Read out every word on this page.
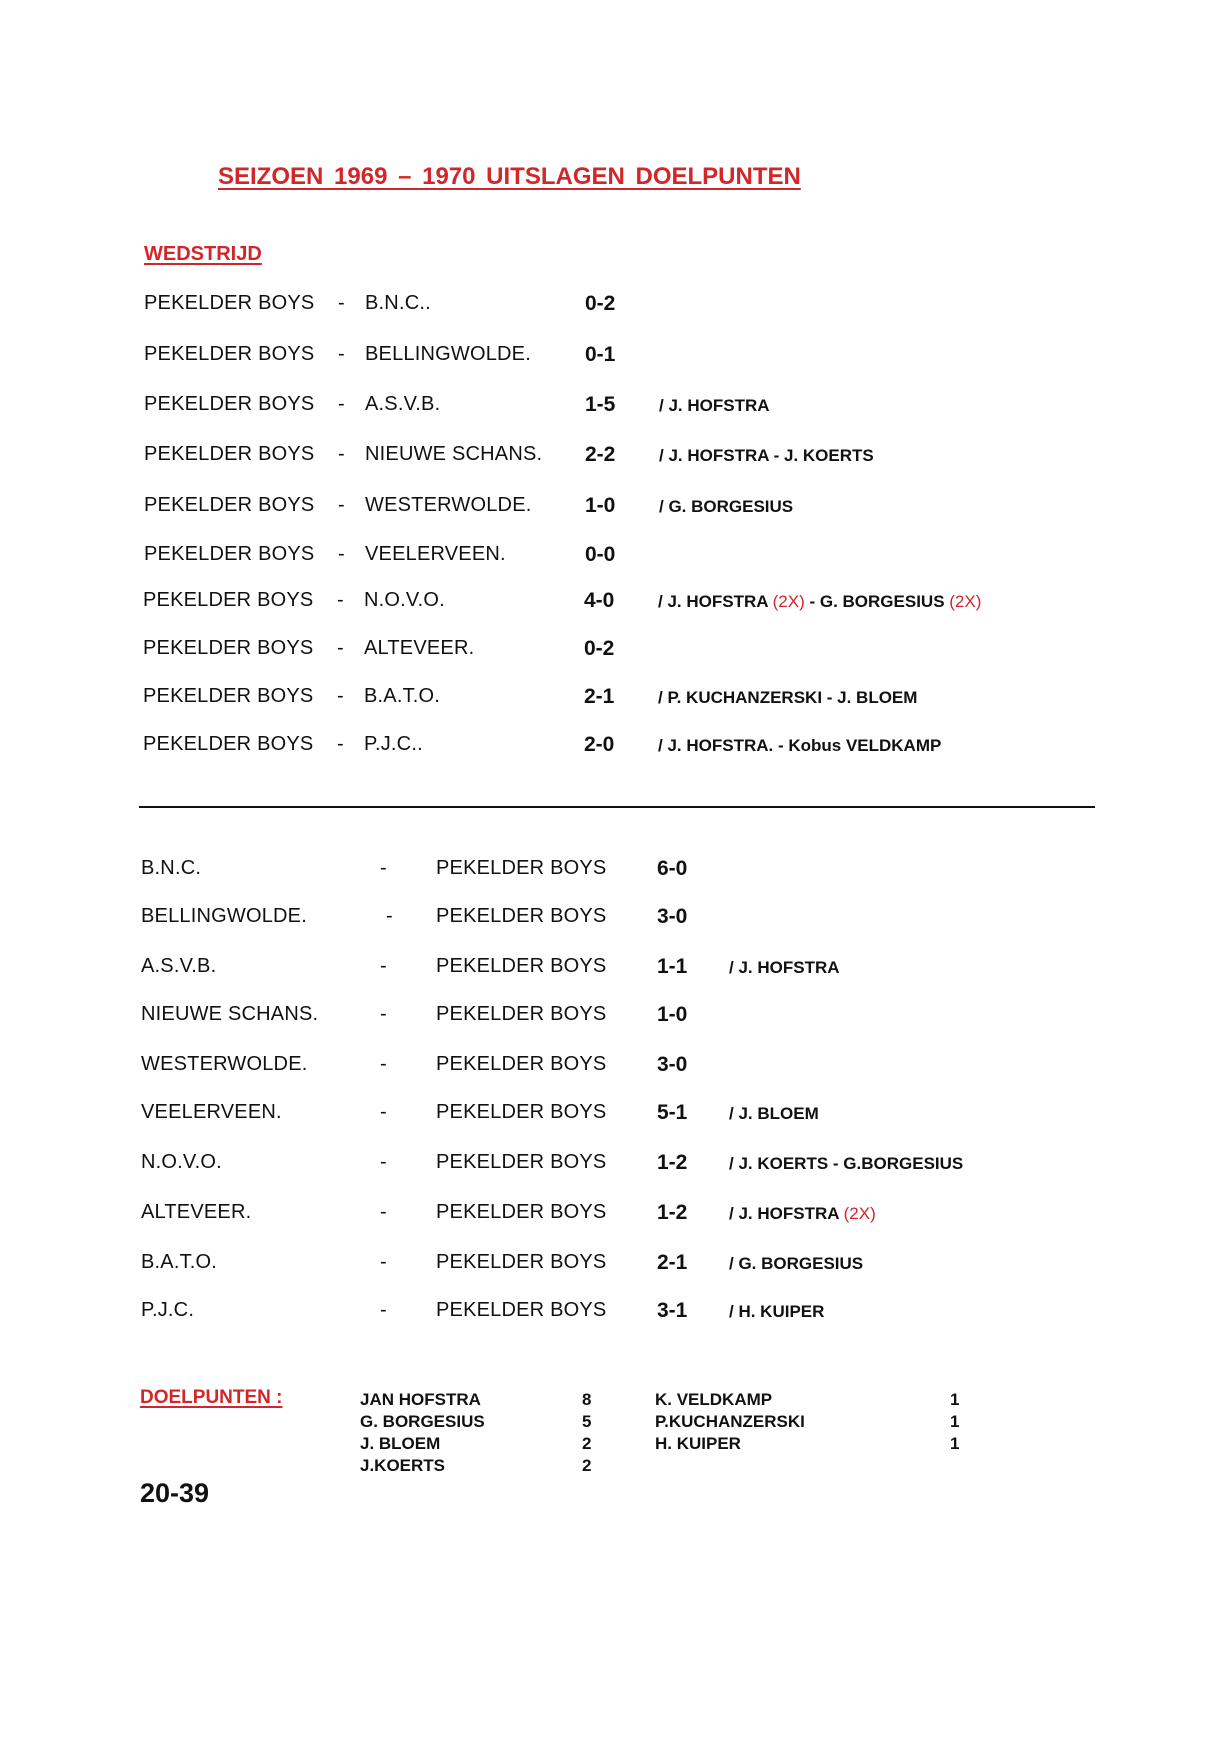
SEIZOEN 1969 – 1970 UITSLAGEN DOELPUNTEN
WEDSTRIJD
PEKELDER BOYS - B.N.C..	0-2
PEKELDER BOYS - BELLINGWOLDE.	0-1
PEKELDER BOYS - A.S.V.B.	1-5	/ J. HOFSTRA
PEKELDER BOYS - NIEUWE SCHANS. 2-2	/ J. HOFSTRA - J. KOERTS
PEKELDER BOYS - WESTERWOLDE.	1-0	/ G. BORGESIUS
PEKELDER BOYS - VEELERVEEN.	0-0
PEKELDER BOYS - N.O.V.O.	4-0	/ J. HOFSTRA (2X) - G. BORGESIUS (2X)
PEKELDER BOYS - ALTEVEER.	0-2
PEKELDER BOYS - B.A.T.O.	2-1	/ P. KUCHANZERSKI - J. BLOEM
PEKELDER BOYS - P.J.C..	2-0	/ J. HOFSTRA. - Kobus VELDKAMP
B.N.C.	- PEKELDER BOYS 6-0
BELLINGWOLDE.	- PEKELDER BOYS 3-0
A.S.V.B.	- PEKELDER BOYS 1-1 / J. HOFSTRA
NIEUWE SCHANS.	- PEKELDER BOYS 1-0
WESTERWOLDE.	- PEKELDER BOYS 3-0
VEELERVEEN.	- PEKELDER BOYS 5-1 / J. BLOEM
N.O.V.O.	- PEKELDER BOYS 1-2 / J. KOERTS - G.BORGESIUS
ALTEVEER.	- PEKELDER BOYS 1-2 / J. HOFSTRA (2X)
B.A.T.O.	- PEKELDER BOYS 2-1 / G. BORGESIUS
P.J.C.	- PEKELDER BOYS 3-1 / H. KUIPER
DOELPUNTEN :	JAN HOFSTRA	8
G. BORGESIUS	5
J. BLOEM	2
J.KOERTS	2
K. VELDKAMP	1
P.KUCHANZERSKI	1
H. KUIPER	1
20-39
